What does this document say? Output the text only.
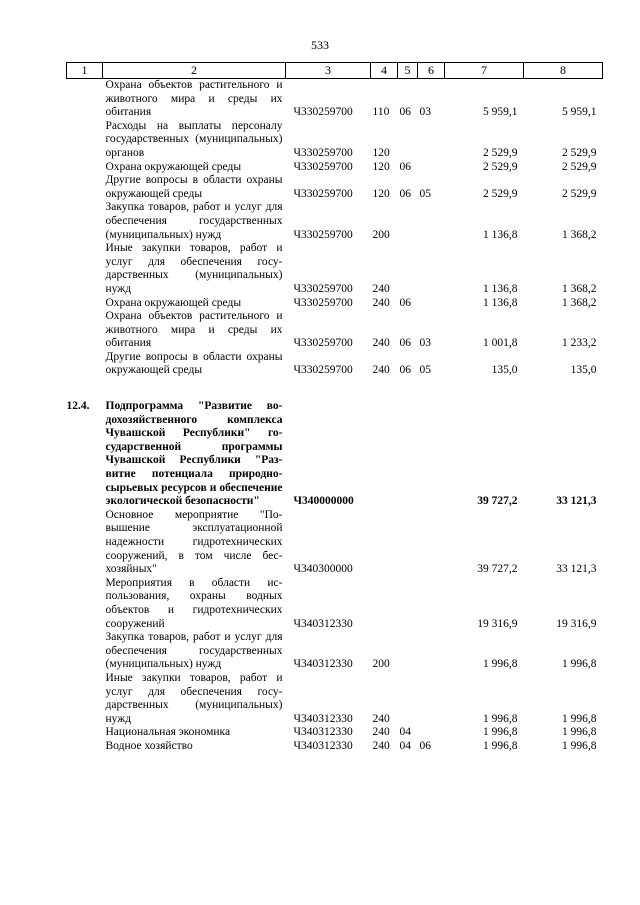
533
1	2	3	4	5	6	7	8
	Охрана объектов растительного и животного мира и среды их обитания	Ч330259700	110	06	03	5 959,1	5 959,1
	Расходы на выплаты персоналу государственных (муниципальных) органов	Ч330259700	120			2 529,9	2 529,9
	Охрана окружающей среды	Ч330259700	120	06		2 529,9	2 529,9
	Другие вопросы в области охраны окружающей среды	Ч330259700	120	06	05	2 529,9	2 529,9
	Закупка товаров, работ и услуг для обеспечения государственных (муниципальных) нужд	Ч330259700	200			1 136,8	1 368,2
	Иные закупки товаров, работ и услуг для обеспечения государственных (муниципальных) нужд	Ч330259700	240			1 136,8	1 368,2
	Охрана окружающей среды	Ч330259700	240	06		1 136,8	1 368,2
	Охрана объектов растительного и животного мира и среды их обитания	Ч330259700	240	06	03	1 001,8	1 233,2
	Другие вопросы в области охраны окружающей среды	Ч330259700	240	06	05	135,0	135,0

12.4.	Подпрограмма "Развитие водохозяйственного комплекса Чувашской Республики" государственной программы Чувашской Республики "Развитие потенциала природно-сырьевых ресурсов и обеспечение экологической безопасности"	Ч340000000				39 727,2	33 121,3
	Основное мероприятие "Повышение эксплуатационной надежности гидротехнических сооружений, в том числе бесхозяйных"	Ч340300000				39 727,2	33 121,3
	Мероприятия в области использования, охраны водных объектов и гидротехнических сооружений	Ч340312330				19 316,9	19 316,9
	Закупка товаров, работ и услуг для обеспечения государственных (муниципальных) нужд	Ч340312330	200			1 996,8	1 996,8
	Иные закупки товаров, работ и услуг для обеспечения государственных (муниципальных) нужд	Ч340312330	240			1 996,8	1 996,8
	Национальная экономика	Ч340312330	240	04		1 996,8	1 996,8
	Водное хозяйство	Ч340312330	240	04	06	1 996,8	1 996,8
